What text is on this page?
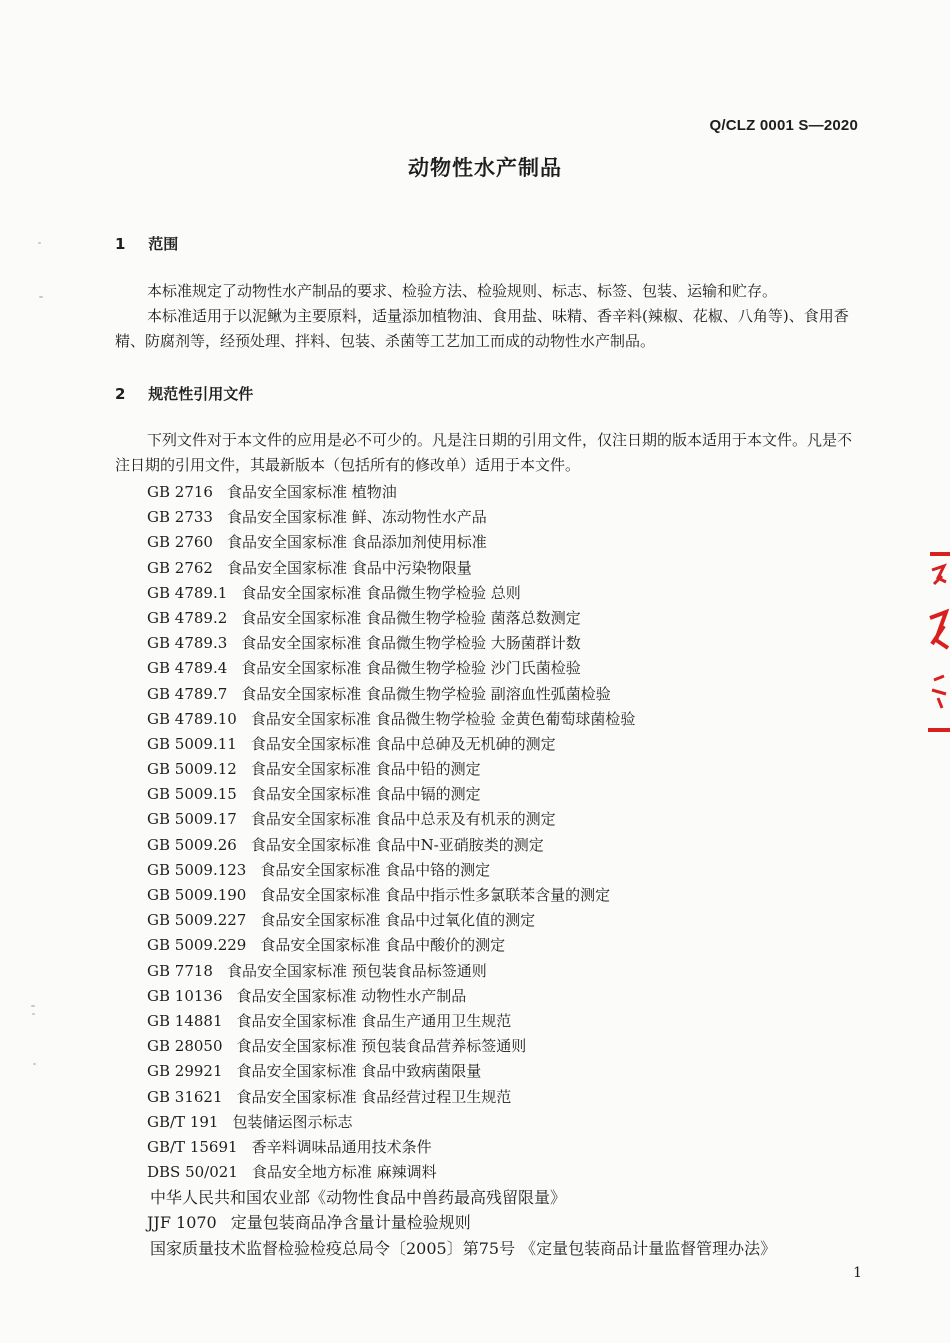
Q/CLZ 0001 S—2020
动物性水产制品
1 范围

本标准规定了动物性水产制品的要求、检验方法、检验规则、标志、标签、包装、运输和贮存。

本标准适用于以泥鳅为主要原料，适量添加植物油、食用盐、味精、香辛料(辣椒、花椒、八角等)、食用香精、防腐剂等，经预处理、拌料、包装、杀菌等工艺加工而成的动物性水产制品。

2 规范性引用文件

下列文件对于本文件的应用是必不可少的。凡是注日期的引用文件，仅注日期的版本适用于本文件。凡是不注日期的引用文件，其最新版本（包括所有的修改单）适用于本文件。

GB 2716 食品安全国家标准 植物油
GB 2733 食品安全国家标准 鲜、冻动物性水产品
GB 2760 食品安全国家标准 食品添加剂使用标准
GB 2762 食品安全国家标准 食品中污染物限量
GB 4789.1 食品安全国家标准 食品微生物学检验 总则
GB 4789.2 食品安全国家标准 食品微生物学检验 菌落总数测定
GB 4789.3 食品安全国家标准 食品微生物学检验 大肠菌群计数
GB 4789.4 食品安全国家标准 食品微生物学检验 沙门氏菌检验
GB 4789.7 食品安全国家标准 食品微生物学检验 副溶血性弧菌检验
GB 4789.10 食品安全国家标准 食品微生物学检验 金黄色葡萄球菌检验
GB 5009.11 食品安全国家标准 食品中总砷及无机砷的测定
GB 5009.12 食品安全国家标准 食品中铅的测定
GB 5009.15 食品安全国家标准 食品中镉的测定
GB 5009.17 食品安全国家标准 食品中总汞及有机汞的测定
GB 5009.26 食品安全国家标准 食品中N-亚硝胺类的测定
GB 5009.123 食品安全国家标准 食品中铬的测定
GB 5009.190 食品安全国家标准 食品中指示性多氯联苯含量的测定
GB 5009.227 食品安全国家标准 食品中过氧化值的测定
GB 5009.229 食品安全国家标准 食品中酸价的测定
GB 7718 食品安全国家标准 预包装食品标签通则
GB 10136 食品安全国家标准 动物性水产制品
GB 14881 食品安全国家标准 食品生产通用卫生规范
GB 28050 食品安全国家标准 预包装食品营养标签通则
GB 29921 食品安全国家标准 食品中致病菌限量
GB 31621 食品安全国家标准 食品经营过程卫生规范
GB/T 191 包装储运图示标志
GB/T 15691 香辛料调味品通用技术条件
DBS 50/021 食品安全地方标准 麻辣调料
中华人民共和国农业部《动物性食品中兽药最高残留限量》
JJF 1070 定量包装商品净含量计量检验规则
国家质量技术监督检验检疫总局令〔2005〕第75号 《定量包装商品计量监督管理办法》
1
